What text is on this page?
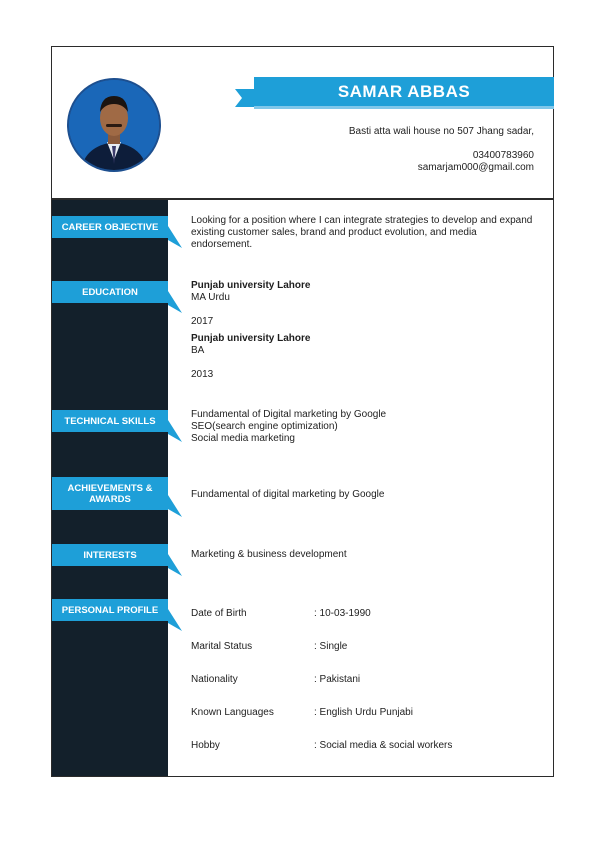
SAMAR ABBAS
Basti atta wali house no 507 Jhang sadar,
03400783960
samarjam000@gmail.com
CAREER OBJECTIVE
Looking for a position where I can integrate strategies to develop and expand
existing customer sales, brand and product evolution, and media
endorsement.
EDUCATION
Punjab university Lahore
MA Urdu
2017
Punjab university Lahore
BA
2013
TECHNICAL SKILLS
Fundamental of Digital marketing by Google
SEO(search engine optimization)
Social media marketing
ACHIEVEMENTS &
AWARDS	Fundamental of digital marketing by Google
INTERESTS	Marketing & business development
PERSONAL PROFILE	Date of Birth	: 10-03-1990
Marital Status	: Single
Nationality	: Pakistani
Known Languages	: English Urdu Punjabi
Hobby	: Social media & social workers
